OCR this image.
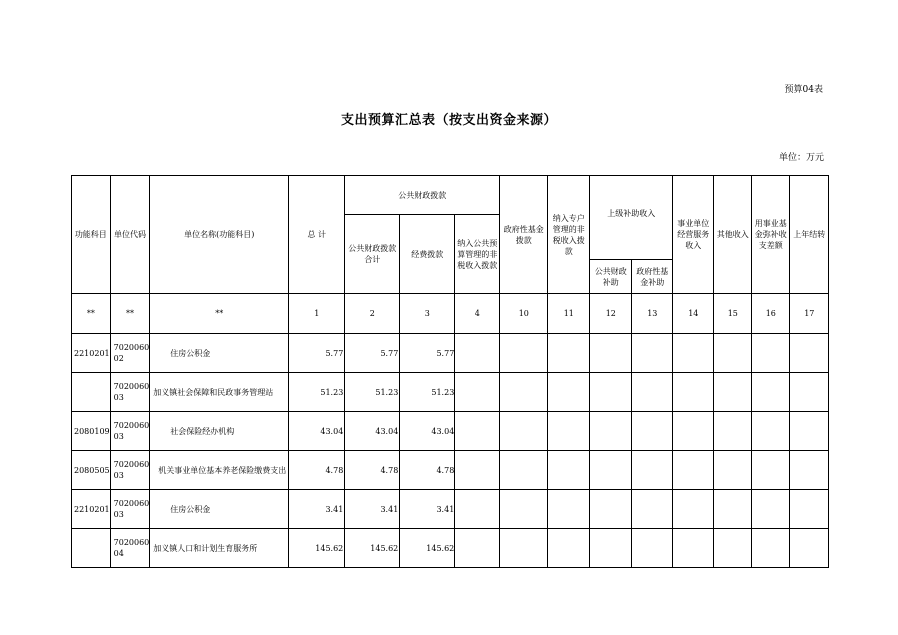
预算04表
支出预算汇总表（按支出资金来源）
单位：万元
功能科目	单位代码	单位名称(功能科目)	总 计	公共财政拨款			政府性基金拨款	纳入专户管理的非税收入拨款	上级补助收入		事业单位经营服务收入	其他收入	用事业基金弥补收支差额	上年结转
				公共财政拨款合计	经费拨款	纳入公共预算管理的非税收入拨款								
									公共财政补助	政府性基金补助				
**	**	**	1	2	3	4	10	11	12	13	14	15	16	17
2210201	7020060 02	住房公积金	5.77	5.77	5.77									
	7020060 03	加义镇社会保障和民政事务管理站	51.23	51.23	51.23									
2080109	7020060 03	社会保险经办机构	43.04	43.04	43.04									
2080505	7020060 03	机关事业单位基本养老保险缴费支出	4.78	4.78	4.78									
2210201	7020060 03	住房公积金	3.41	3.41	3.41									
	7020060 04	加义镇人口和计划生育服务所	145.62	145.62	145.62									
